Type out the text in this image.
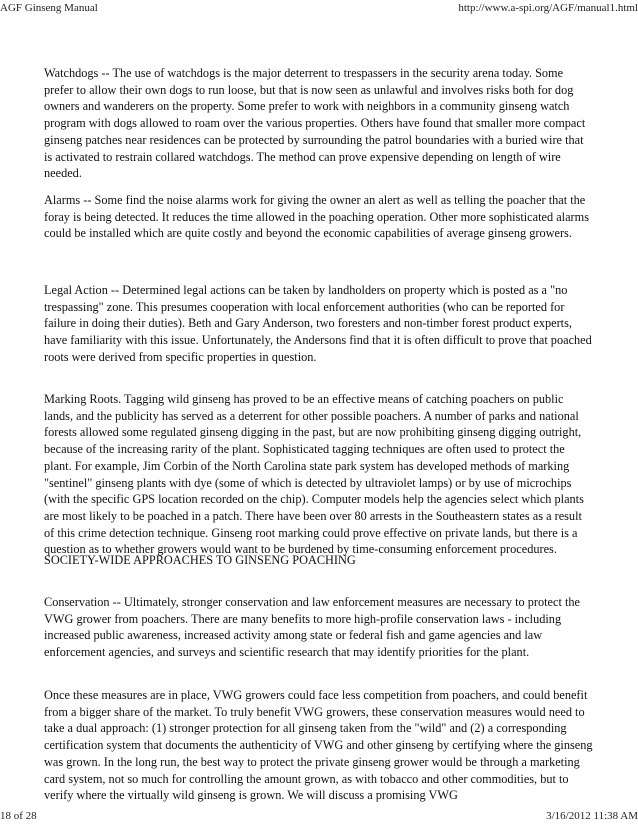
AGF Ginseng Manual	http://www.a-spi.org/AGF/manual1.html

Watchdogs -- The use of watchdogs is the major deterrent to trespassers in the security arena today. Some prefer to allow their own dogs to run loose, but that is now seen as unlawful and involves risks both for dog owners and wanderers on the property. Some prefer to work with neighbors in a community ginseng watch program with dogs allowed to roam over the various properties. Others have found that smaller more compact ginseng patches near residences can be protected by surrounding the patrol boundaries with a buried wire that is activated to restrain collared watchdogs. The method can prove expensive depending on length of wire needed.

Alarms -- Some find the noise alarms work for giving the owner an alert as well as telling the poacher that the foray is being detected. It reduces the time allowed in the poaching operation. Other more sophisticated alarms could be installed which are quite costly and beyond the economic capabilities of average ginseng growers.

Legal Action -- Determined legal actions can be taken by landholders on property which is posted as a "no trespassing" zone. This presumes cooperation with local enforcement authorities (who can be reported for failure in doing their duties). Beth and Gary Anderson, two foresters and non-timber forest product experts, have familiarity with this issue. Unfortunately, the Andersons find that it is often difficult to prove that poached roots were derived from specific properties in question.

Marking Roots. Tagging wild ginseng has proved to be an effective means of catching poachers on public lands, and the publicity has served as a deterrent for other possible poachers. A number of parks and national forests allowed some regulated ginseng digging in the past, but are now prohibiting ginseng digging outright, because of the increasing rarity of the plant. Sophisticated tagging techniques are often used to protect the plant. For example, Jim Corbin of the North Carolina state park system has developed methods of marking "sentinel" ginseng plants with dye (some of which is detected by ultraviolet lamps) or by use of microchips (with the specific GPS location recorded on the chip). Computer models help the agencies select which plants are most likely to be poached in a patch. There have been over 80 arrests in the Southeastern states as a result of this crime detection technique. Ginseng root marking could prove effective on private lands, but there is a question as to whether growers would want to be burdened by time-consuming enforcement procedures.

SOCIETY-WIDE APPROACHES TO GINSENG POACHING

Conservation -- Ultimately, stronger conservation and law enforcement measures are necessary to protect the VWG grower from poachers. There are many benefits to more high-profile conservation laws - including increased public awareness, increased activity among state or federal fish and game agencies and law enforcement agencies, and surveys and scientific research that may identify priorities for the plant.

Once these measures are in place, VWG growers could face less competition from poachers, and could benefit from a bigger share of the market. To truly benefit VWG growers, these conservation measures would need to take a dual approach: (1) stronger protection for all ginseng taken from the "wild" and (2) a corresponding certification system that documents the authenticity of VWG and other ginseng by certifying where the ginseng was grown. In the long run, the best way to protect the private ginseng grower would be through a marketing card system, not so much for controlling the amount grown, as with tobacco and other commodities, but to verify where the virtually wild ginseng is grown. We will discuss a promising VWG

18 of 28	3/16/2012 11:38 AM
